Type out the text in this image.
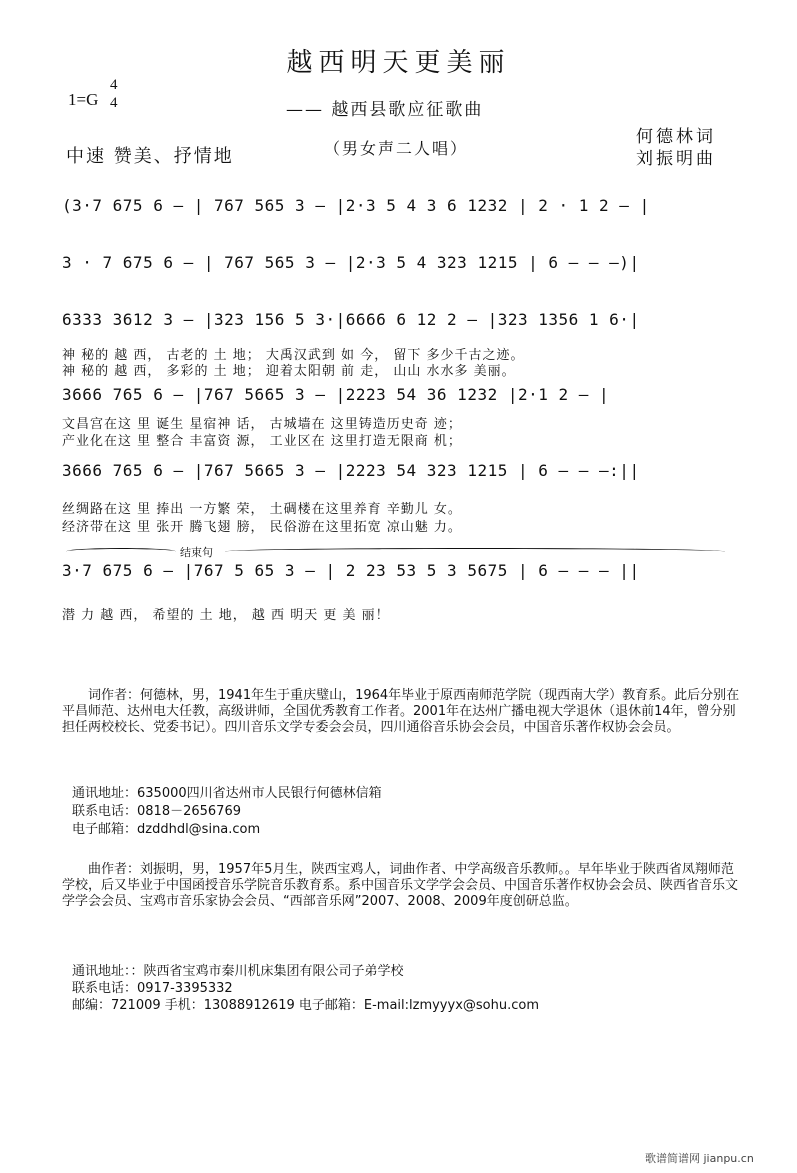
越西明天更美丽
1=G
4
4	—— 越西县歌应征歌曲
中速 赞美、抒情地	（男女声二人唱）
何德林词
刘振明曲
(3·7 675 6 — | 767 565 3 — |2·3 5 4 3 6 1232 | 2 · 1 2 — |
3 · 7 675 6 — | 767 565 3 — |2·3 5 4 323 1215 | 6 — — —)|
6333 3612 3 — |323 156 5 3·|6666 6 12 2 — |323 1356 1 6·|
神 秘的 越 西， 古老的 土 地； 大禹汉武到 如 今， 留下 多少千古之迹。
神 秘的 越 西， 多彩的 土 地； 迎着太阳朝 前 走， 山山 水水多 美丽。
3666 765 6 — |767 5665 3 — |2223 54 36 1232 |2·1 2 — |
文昌宫在这 里 诞生 星宿神 话， 古城墙在 这里铸造历史奇 迹；
产业化在这 里 整合 丰富资 源， 工业区在 这里打造无限商 机；
3666 765 6 — |767 5665 3 — |2223 54 323 1215 | 6 — — —:||
丝绸路在这 里 捧出 一方繁 荣， 土碉楼在这里养育 辛勤儿 女。
经济带在这 里 张开 腾飞翅 膀， 民俗游在这里拓宽 凉山魅 力。
结束句
3·7 675 6 — |767 5 65 3 — | 2 23 53 5 3 5675 | 6 — — — ||
潜 力 越 西， 希望的 土 地， 越 西 明天 更 美 丽！
词作者：何德林，男，1941年生于重庆璧山，1964年毕业于原西南师范学院（现西南大学）教育系。此后分别在平昌师范、达州电大任教，高级讲师，全国优秀教育工作者。2001年在达州广播电视大学退休（退休前14年，曾分别担任两校校长、党委书记）。四川音乐文学专委会会员，四川通俗音乐协会会员，中国音乐著作权协会会员。
通讯地址：635000四川省达州市人民银行何德林信箱
联系电话：0818－2656769
电子邮箱：dzddhdl@sina.com
曲作者：刘振明，男，1957年5月生，陕西宝鸡人，词曲作者、中学高级音乐教师。。早年毕业于陕西省凤翔师范学校，后又毕业于中国函授音乐学院音乐教育系。系中国音乐文学学会会员、中国音乐著作权协会会员、陕西省音乐文学学会会员、宝鸡市音乐家协会会员、“西部音乐网”2007、2008、2009年度创研总监。
通讯地址：：陕西省宝鸡市秦川机床集团有限公司子弟学校
联系电话：0917-3395332
邮编：721009 手机：13088912619 电子邮箱：E-mail:lzmyyyx@sohu.com
歌谱简谱网 jianpu.cn
